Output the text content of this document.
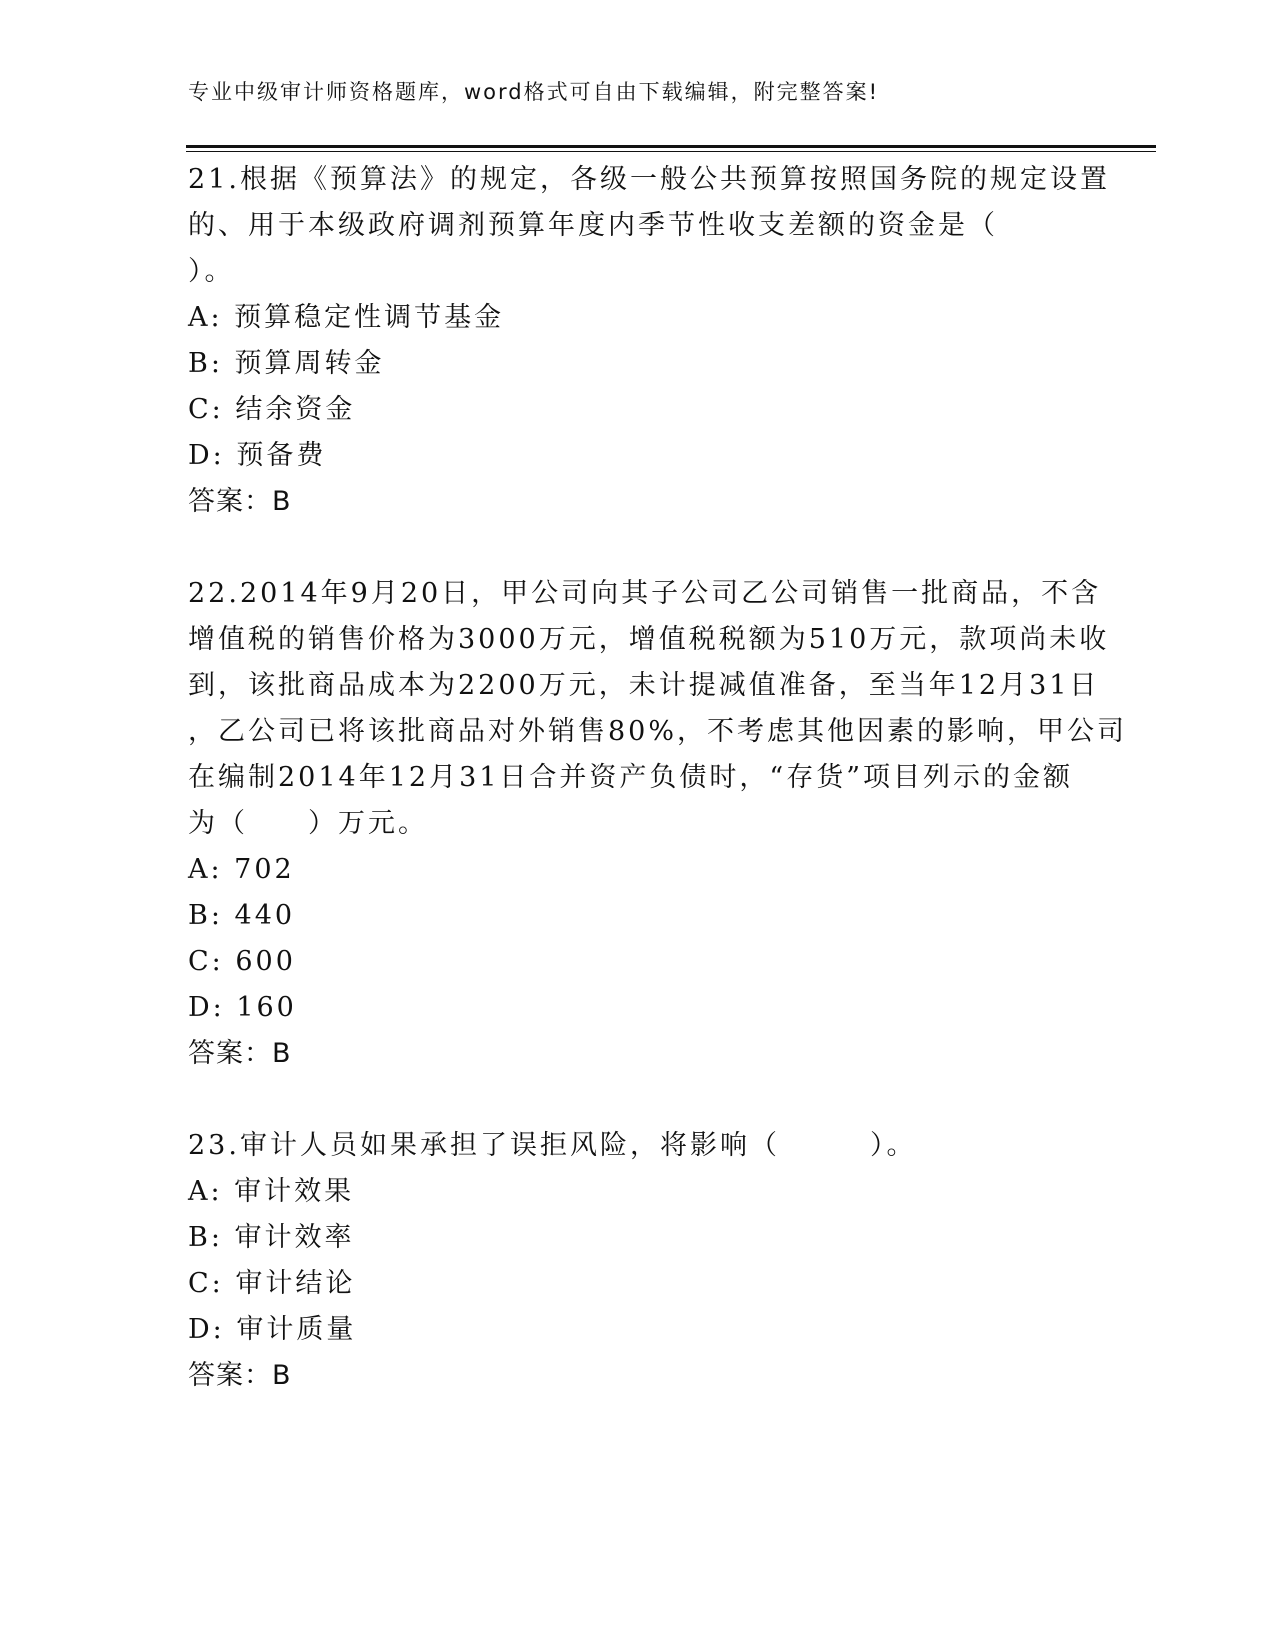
专业中级审计师资格题库，word格式可自由下载编辑，附完整答案!
21.根据《预算法》的规定，各级一般公共预算按照国务院的规定设置
的、用于本级政府调剂预算年度内季节性收支差额的资金是（
）。
A: 预算稳定性调节基金
B: 预算周转金
C: 结余资金
D: 预备费
答案：B
22.2014年9月20日，甲公司向其子公司乙公司销售一批商品，不含
增值税的销售价格为3000万元，增值税税额为510万元，款项尚未收
到，该批商品成本为2200万元，未计提减值准备，至当年12月31日
，乙公司已将该批商品对外销售80%，不考虑其他因素的影响，甲公司
在编制2014年12月31日合并资产负债时，“存货”项目列示的金额
为（　　）万元。
A: 702
B: 440
C: 600
D: 160
答案：B
23.审计人员如果承担了误拒风险，将影响（　　　）。
A: 审计效果
B: 审计效率
C: 审计结论
D: 审计质量
答案：B
